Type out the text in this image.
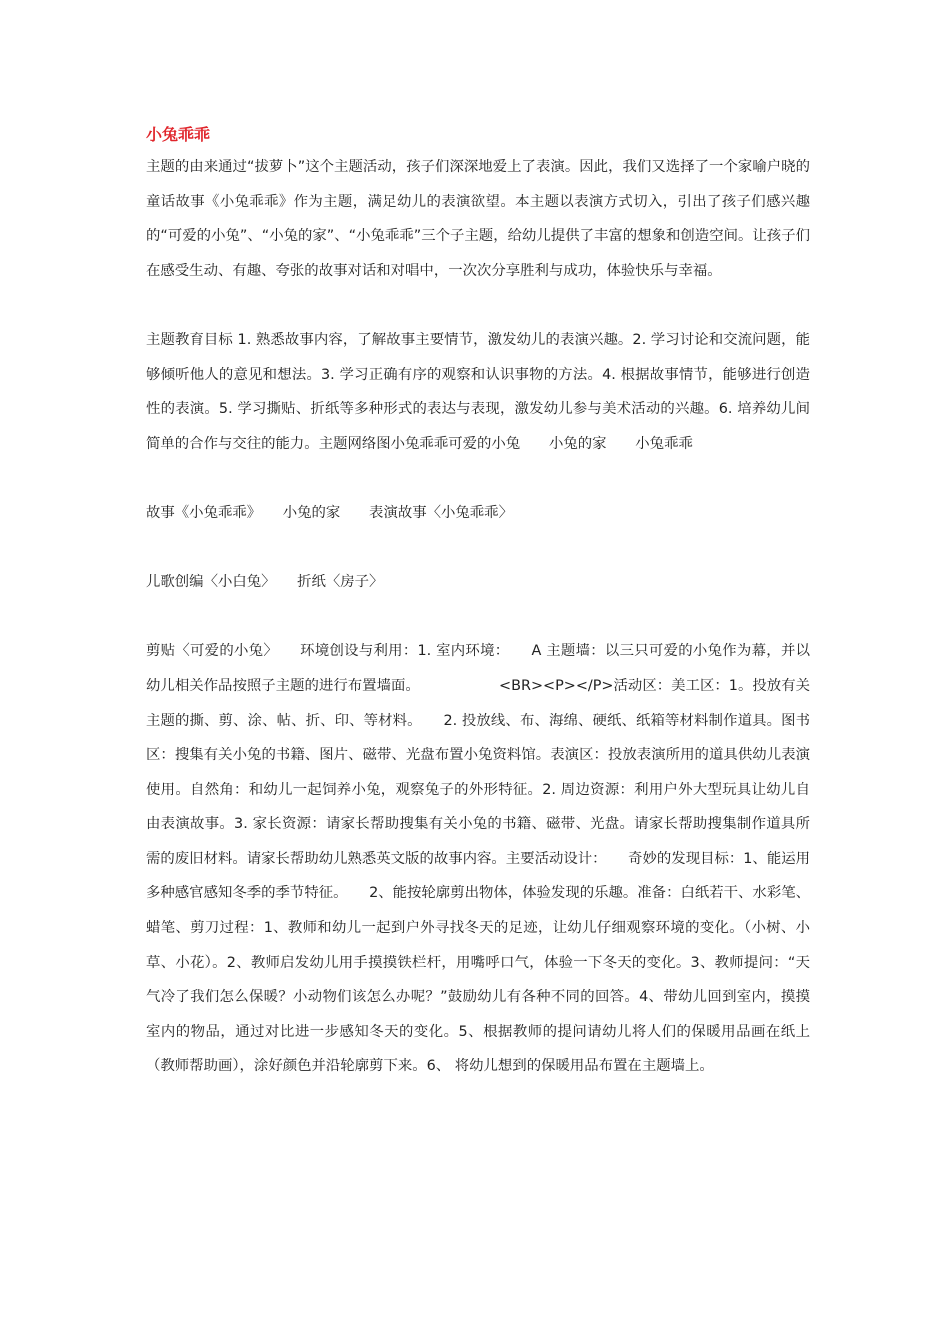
小兔乖乖

主题的由来通过“拔萝卜”这个主题活动，孩子们深深地爱上了表演。因此，我们又选择了一个家喻户晓的童话故事《小兔乖乖》作为主题，满足幼儿的表演欲望。本主题以表演方式切入，引出了孩子们感兴趣的“可爱的小兔”、“小兔的家”、“小兔乖乖”三个子主题，给幼儿提供了丰富的想象和创造空间。让孩子们在感受生动、有趣、夸张的故事对话和对唱中，一次次分享胜利与成功，体验快乐与幸福。

主题教育目标 1. 熟悉故事内容，了解故事主要情节，激发幼儿的表演兴趣。2. 学习讨论和交流问题，能够倾听他人的意见和想法。3. 学习正确有序的观察和认识事物的方法。4. 根据故事情节，能够进行创造性的表演。5. 学习撕贴、折纸等多种形式的表达与表现，激发幼儿参与美术活动的兴趣。6. 培养幼儿间简单的合作与交往的能力。主题网络图小兔乖乖可爱的小兔　　小兔的家　　小兔乖乖

故事《小兔乖乖》　　小兔的家　　表演故事〈小兔乖乖〉

儿歌创编〈小白兔〉　　折纸〈房子〉

剪贴〈可爱的小兔〉　　环境创设与利用：1. 室内环境：　　A 主题墙：以三只可爱的小兔作为幕，并以幼儿相关作品按照子主题的进行布置墙面。　　　　　　<BR><P></P>活动区：美工区：1。投放有关主题的撕、剪、涂、帖、折、印、等材料。　　2. 投放线、布、海绵、硬纸、纸箱等材料制作道具。图书区：搜集有关小兔的书籍、图片、磁带、光盘布置小兔资料馆。表演区：投放表演所用的道具供幼儿表演使用。自然角：和幼儿一起饲养小兔，观察兔子的外形特征。2. 周边资源：利用户外大型玩具让幼儿自由表演故事。3. 家长资源：请家长帮助搜集有关小兔的书籍、磁带、光盘。请家长帮助搜集制作道具所需的废旧材料。请家长帮助幼儿熟悉英文版的故事内容。主要活动设计：　　奇妙的发现目标：1、能运用多种感官感知冬季的季节特征。　　2、能按轮廓剪出物体，体验发现的乐趣。准备：白纸若干、水彩笔、蜡笔、剪刀过程：1、教师和幼儿一起到户外寻找冬天的足迹，让幼儿仔细观察环境的变化。（小树、小草、小花）。2、教师启发幼儿用手摸摸铁栏杆，用嘴呼口气，体验一下冬天的变化。3、教师提问：“天气冷了我们怎么保暖？小动物们该怎么办呢？”鼓励幼儿有各种不同的回答。4、带幼儿回到室内，摸摸室内的物品，通过对比进一步感知冬天的变化。5、根据教师的提问请幼儿将人们的保暖用品画在纸上（教师帮助画），涂好颜色并沿轮廓剪下来。6、 将幼儿想到的保暖用品布置在主题墙上。
